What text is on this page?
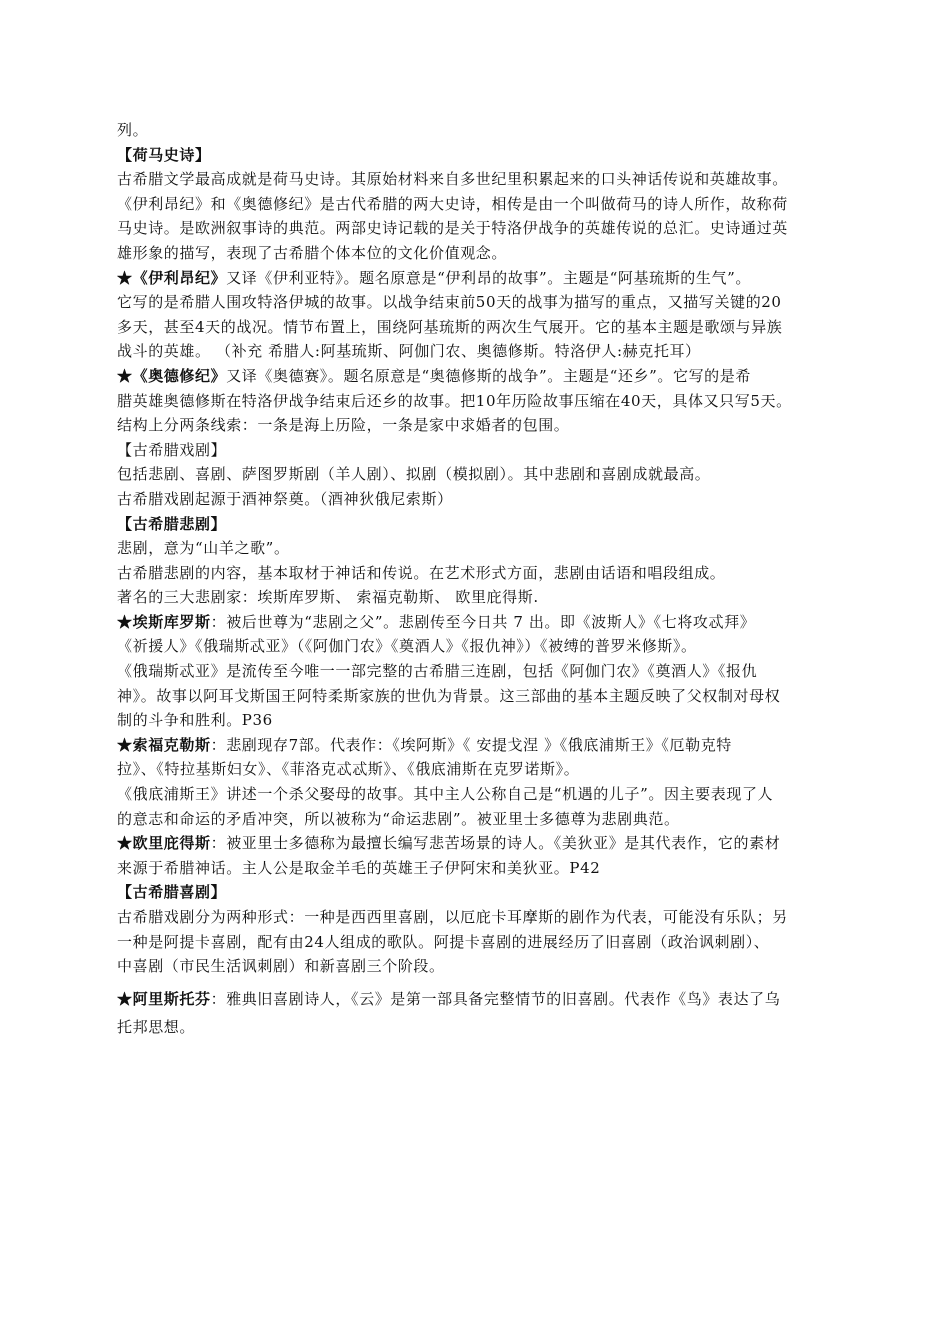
列。
【荷马史诗】
古希腊文学最高成就是荷马史诗。其原始材料来自多世纪里积累起来的口头神话传说和英雄故事。
《伊利昂纪》和《奥德修纪》是古代希腊的两大史诗，相传是由一个叫做荷马的诗人所作，故称荷
马史诗。是欧洲叙事诗的典范。两部史诗记载的是关于特洛伊战争的英雄传说的总汇。史诗通过英
雄形象的描写，表现了古希腊个体本位的文化价值观念。
★《伊利昂纪》又译《伊利亚特》。题名原意是“伊利昂的故事”。主题是“阿基琉斯的生气”。
它写的是希腊人围攻特洛伊城的故事。以战争结束前50天的战事为描写的重点，又描写关键的20
多天，甚至4天的战况。情节布置上，围绕阿基琉斯的两次生气展开。它的基本主题是歌颂与异族
战斗的英雄。 （补充 希腊人:阿基琉斯、阿伽门农、奥德修斯。特洛伊人:赫克托耳）
★《奥德修纪》又译《奥德赛》。题名原意是“奥德修斯的战争”。主题是“还乡”。它写的是希
腊英雄奥德修斯在特洛伊战争结束后还乡的故事。把10年历险故事压缩在40天，具体又只写5天。
结构上分两条线索：一条是海上历险，一条是家中求婚者的包围。
【古希腊戏剧】
包括悲剧、喜剧、萨图罗斯剧（羊人剧）、拟剧（模拟剧）。其中悲剧和喜剧成就最高。
古希腊戏剧起源于酒神祭奠。（酒神狄俄尼索斯）
【古希腊悲剧】
悲剧，意为“山羊之歌”。
古希腊悲剧的内容，基本取材于神话和传说。在艺术形式方面，悲剧由话语和唱段组成。
著名的三大悲剧家：埃斯库罗斯、 索福克勒斯、 欧里庇得斯.
★埃斯库罗斯：被后世尊为“悲剧之父”。悲剧传至今日共 7 出。即《波斯人》《七将攻忒拜》
《祈援人》《俄瑞斯忒亚》（《阿伽门农》《奠酒人》《报仇神》）《被缚的普罗米修斯》。
《俄瑞斯忒亚》是流传至今唯一一部完整的古希腊三连剧，包括《阿伽门农》《奠酒人》《报仇
神》。故事以阿耳戈斯国王阿特柔斯家族的世仇为背景。这三部曲的基本主题反映了父权制对母权
制的斗争和胜利。P36
★索福克勒斯：悲剧现存7部。代表作：《埃阿斯》《 安提戈涅 》《俄底浦斯王》《厄勒克特
拉》、《特拉基斯妇女》、《菲洛克忒忒斯》、《俄底浦斯在克罗诺斯》。
《俄底浦斯王》讲述一个杀父娶母的故事。其中主人公称自己是“机遇的儿子”。因主要表现了人
的意志和命运的矛盾冲突，所以被称为“命运悲剧”。被亚里士多德尊为悲剧典范。
★欧里庇得斯：被亚里士多德称为最擅长编写悲苦场景的诗人。《美狄亚》是其代表作，它的素材
来源于希腊神话。主人公是取金羊毛的英雄王子伊阿宋和美狄亚。P42
【古希腊喜剧】
古希腊戏剧分为两种形式：一种是西西里喜剧，以厄庇卡耳摩斯的剧作为代表，可能没有乐队；另
一种是阿提卡喜剧，配有由24人组成的歌队。阿提卡喜剧的进展经历了旧喜剧（政治讽刺剧）、
中喜剧（市民生活讽刺剧）和新喜剧三个阶段。
★阿里斯托芬：雅典旧喜剧诗人，《云》是第一部具备完整情节的旧喜剧。代表作《鸟》表达了乌
托邦思想。
